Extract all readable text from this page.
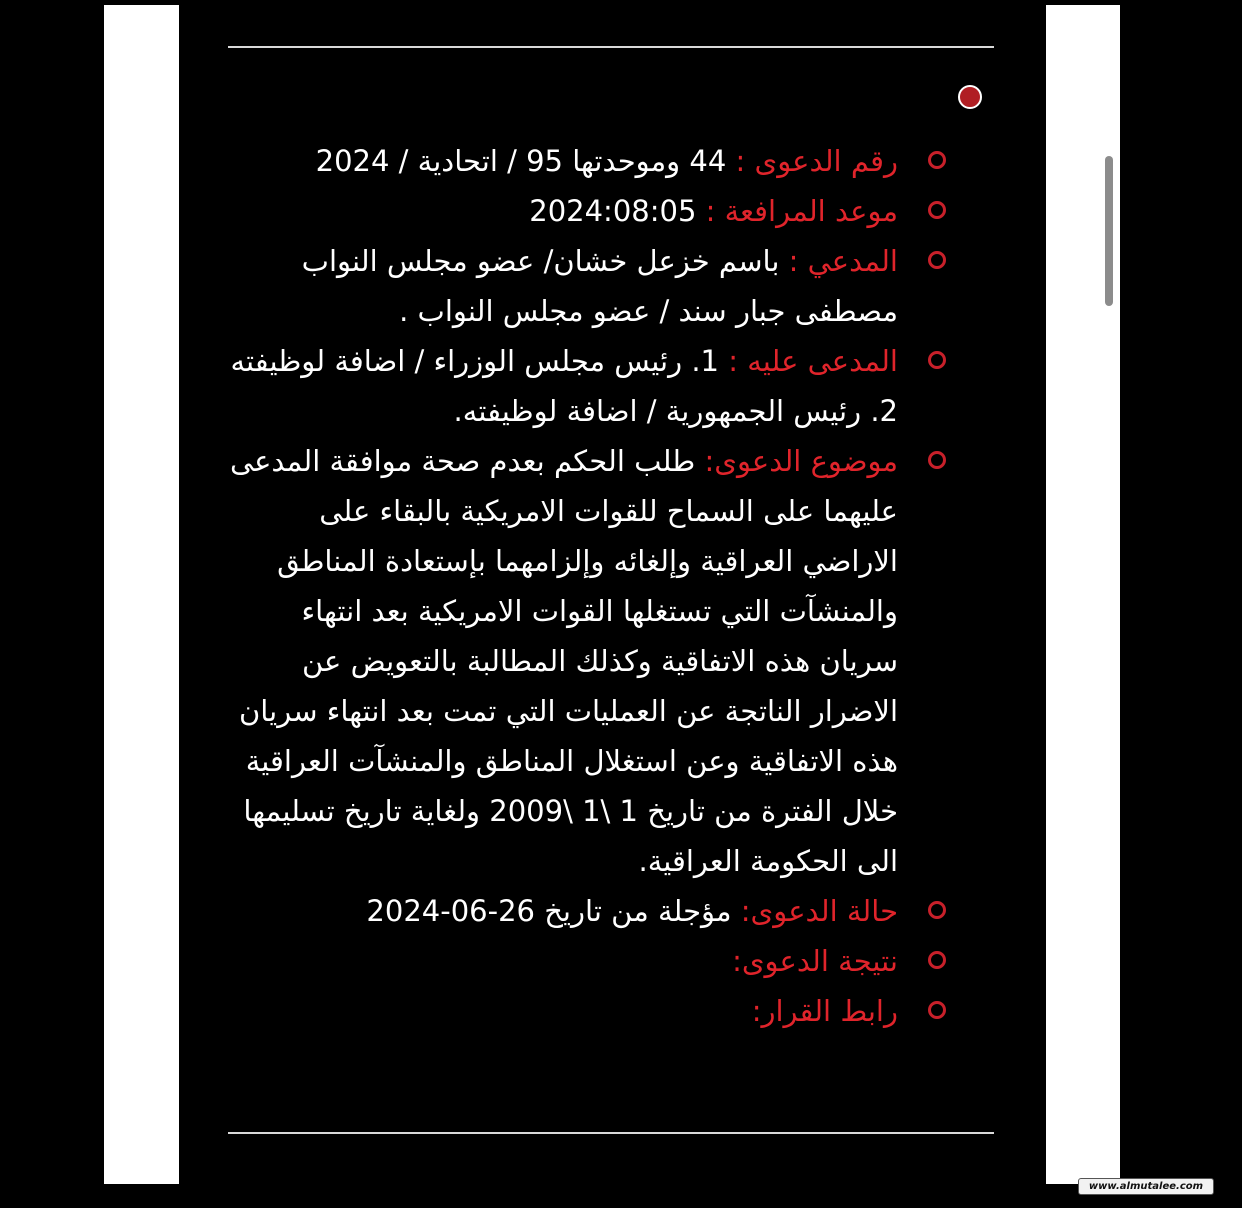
رقم الدعوى : 44 وموحدتها 95 / اتحادية / 2024
موعد المرافعة : 2024:08:05
المدعي : باسم خزعل خشان/ عضو مجلس النواب مصطفى جبار سند / عضو مجلس النواب .
المدعى عليه : 1. رئيس مجلس الوزراء / اضافة لوظيفته 2. رئيس الجمهورية / اضافة لوظيفته.
موضوع الدعوى: طلب الحكم بعدم صحة موافقة المدعى عليهما على السماح للقوات الامريكية بالبقاء على الاراضي العراقية وإلغائه وإلزامهما بإستعادة المناطق والمنشآت التي تستغلها القوات الامريكية بعد انتهاء سريان هذه الاتفاقية وكذلك المطالبة بالتعويض عن الاضرار الناتجة عن العمليات التي تمت بعد انتهاء سريان هذه الاتفاقية وعن استغلال المناطق والمنشآت العراقية خلال الفترة من تاريخ 1 \1 \2009 ولغاية تاريخ تسليمها الى الحكومة العراقية.
حالة الدعوى: مؤجلة من تاريخ 26-06-2024
نتيجة الدعوى:
رابط القرار:
www.almutalee.com
